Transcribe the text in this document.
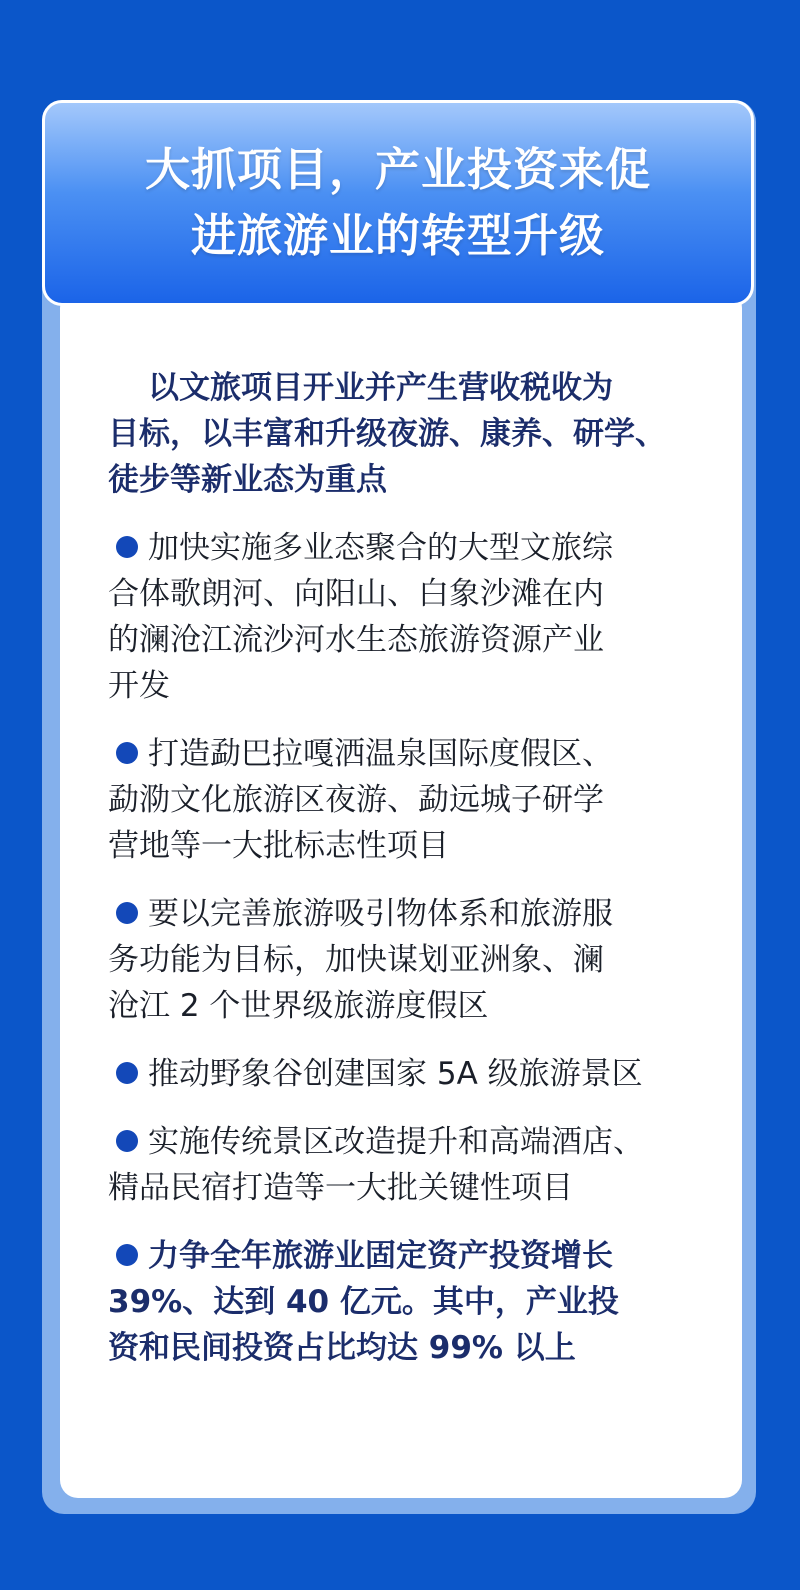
大抓项目，产业投资来促
进旅游业的转型升级

以文旅项目开业并产生营收税收为

目标，以丰富和升级夜游、康养、研学、

徒步等新业态为重点

加快实施多业态聚合的大型文旅综

合体歌朗河、向阳山、白象沙滩在内

的澜沧江流沙河水生态旅游资源产业

开发

打造勐巴拉嘎洒温泉国际度假区、

勐泐文化旅游区夜游、勐远城子研学

营地等一大批标志性项目

要以完善旅游吸引物体系和旅游服

务功能为目标，加快谋划亚洲象、澜

沧江 2 个世界级旅游度假区

推动野象谷创建国家 5A 级旅游景区

实施传统景区改造提升和高端酒店、

精品民宿打造等一大批关键性项目

力争全年旅游业固定资产投资增长

39%、达到 40 亿元。其中，产业投

资和民间投资占比均达 99% 以上
